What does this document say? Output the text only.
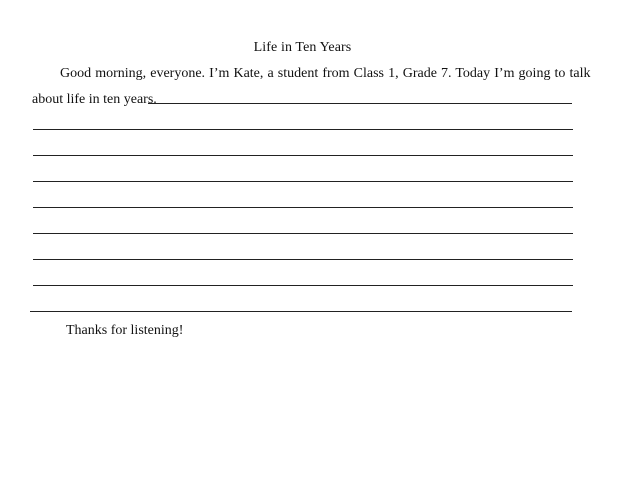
Life in Ten Years
Good morning, everyone. I’m Kate, a student from Class 1, Grade 7. Today I’m going to talk
about life in ten years.
Thanks for listening!
